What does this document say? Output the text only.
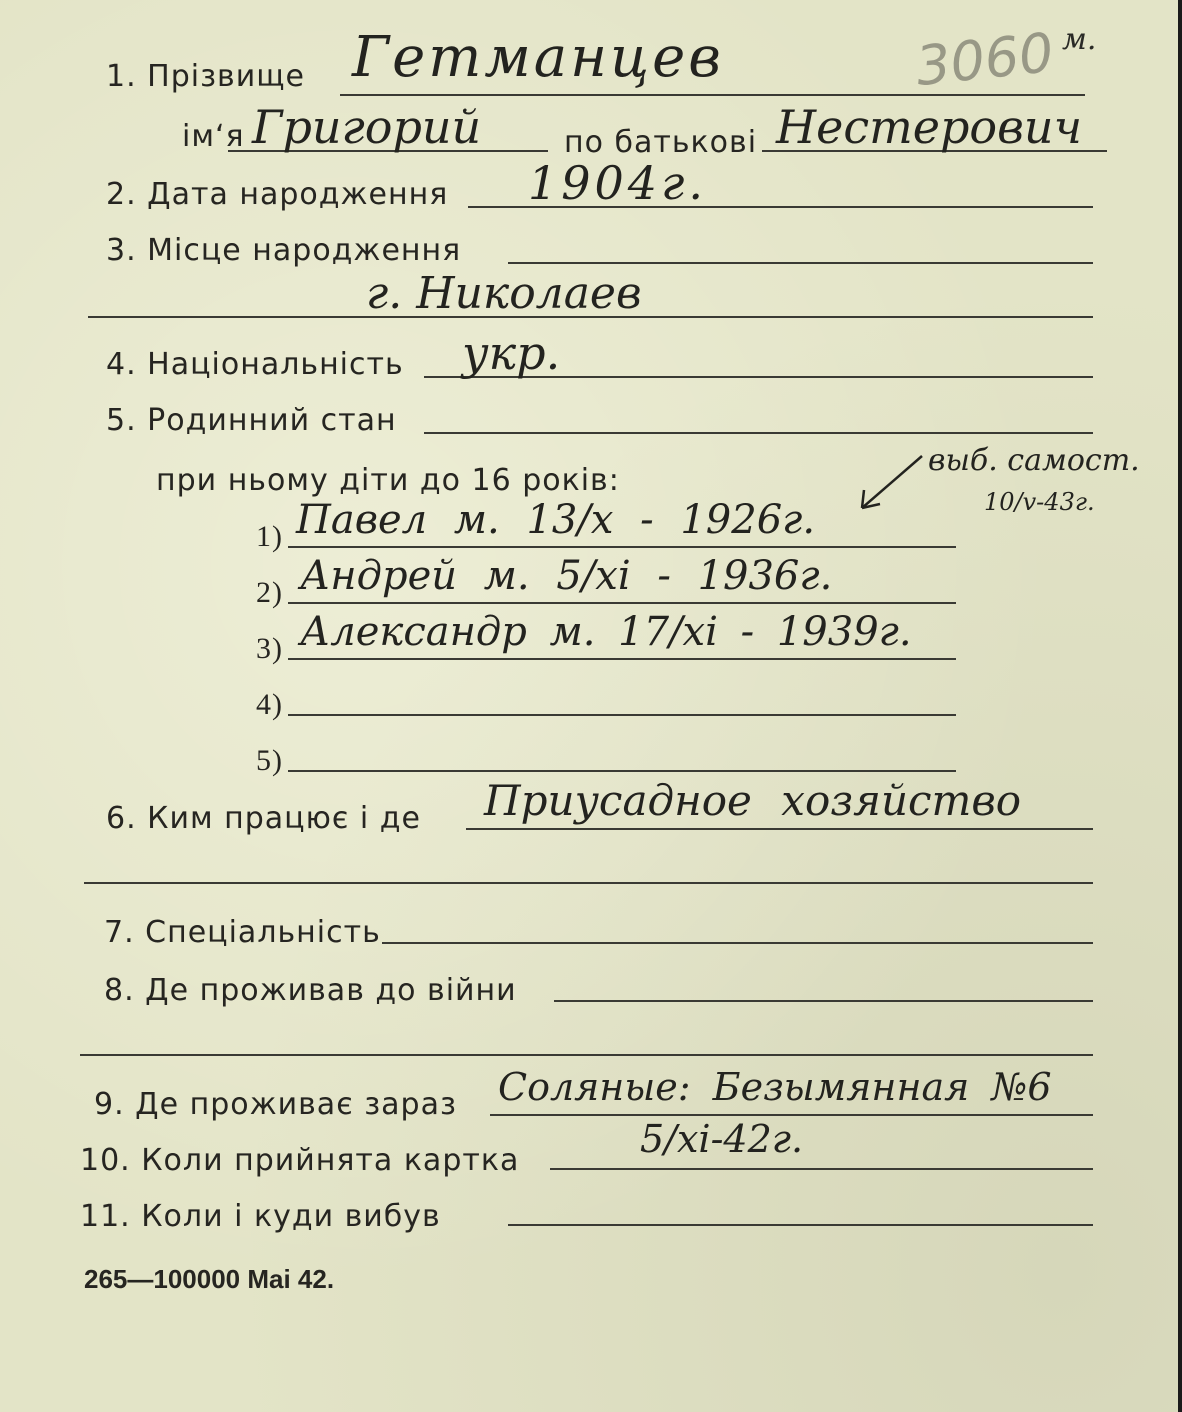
3060 м.
1. Прізвище Гетманцев
ім‘я Григорий	по батькові Нестерович
2. Дата народження 1904г.
3. Місце народження
г. Николаев
4. Національність укр.
5. Родинний стан
при ньому діти до 16 років:
выб. самост.
10/v-43г.
1) Павел м. 13/x - 1926г.
2) Андрей м. 5/xi - 1936г.
3) Александр м. 17/xi - 1939г.
4)
5)
6. Ким працює і де Приусадное хозяйство
7. Спеціальність
8. Де проживав до війни
9. Де проживає зараз Соляные: Безымянная №6
10. Коли прийнята картка	5/xi-42г.
11. Коли і куди вибув
265—100000 Mai 42.
